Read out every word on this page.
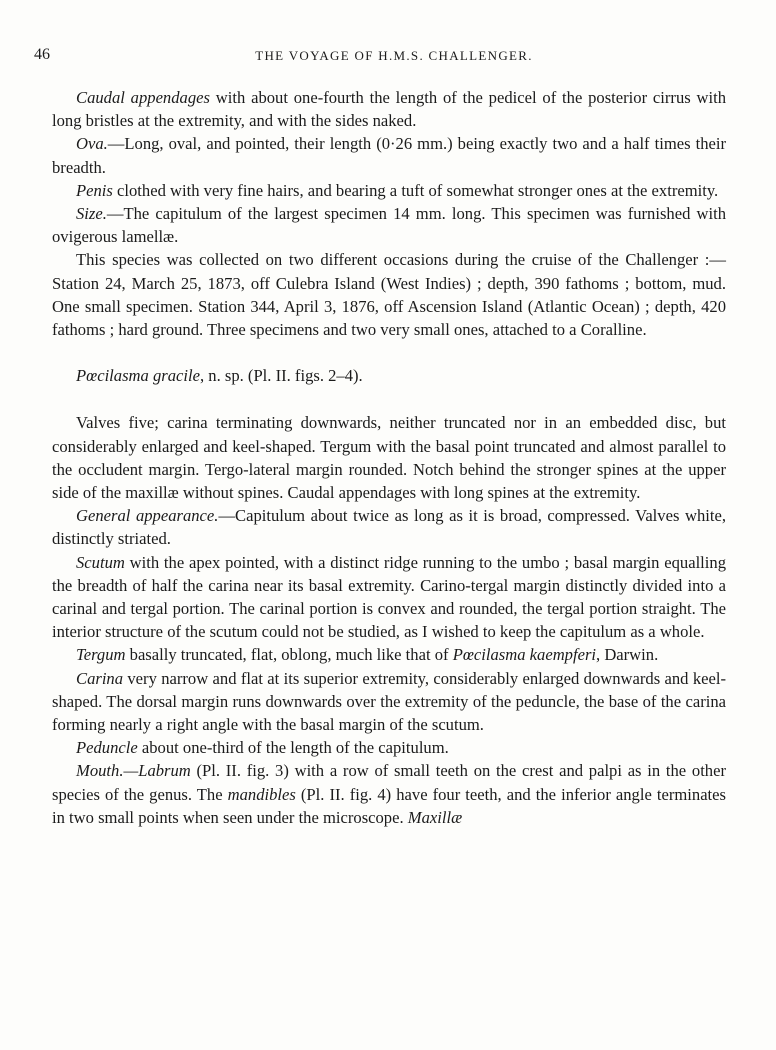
46	THE VOYAGE OF H.M.S. CHALLENGER.

Caudal appendages with about one-fourth the length of the pedicel of the posterior cirrus with long bristles at the extremity, and with the sides naked.

Ova.—Long, oval, and pointed, their length (0·26 mm.) being exactly two and a half times their breadth.

Penis clothed with very fine hairs, and bearing a tuft of somewhat stronger ones at the extremity.

Size.—The capitulum of the largest specimen 14 mm. long. This specimen was furnished with ovigerous lamellæ.

This species was collected on two different occasions during the cruise of the Challenger :—Station 24, March 25, 1873, off Culebra Island (West Indies) ; depth, 390 fathoms ; bottom, mud. One small specimen. Station 344, April 3, 1876, off Ascension Island (Atlantic Ocean) ; depth, 420 fathoms ; hard ground. Three specimens and two very small ones, attached to a Coralline.

Pœcilasma gracile, n. sp. (Pl. II. figs. 2–4).

Valves five; carina terminating downwards, neither truncated nor in an embedded disc, but considerably enlarged and keel-shaped. Tergum with the basal point truncated and almost parallel to the occludent margin. Tergo-lateral margin rounded. Notch behind the stronger spines at the upper side of the maxillæ without spines. Caudal appendages with long spines at the extremity.

General appearance.—Capitulum about twice as long as it is broad, compressed. Valves white, distinctly striated.

Scutum with the apex pointed, with a distinct ridge running to the umbo ; basal margin equalling the breadth of half the carina near its basal extremity. Carino-tergal margin distinctly divided into a carinal and tergal portion. The carinal portion is convex and rounded, the tergal portion straight. The interior structure of the scutum could not be studied, as I wished to keep the capitulum as a whole.

Tergum basally truncated, flat, oblong, much like that of Pœcilasma kaempferi, Darwin.

Carina very narrow and flat at its superior extremity, considerably enlarged downwards and keel-shaped. The dorsal margin runs downwards over the extremity of the peduncle, the base of the carina forming nearly a right angle with the basal margin of the scutum.

Peduncle about one-third of the length of the capitulum.

Mouth.—Labrum (Pl. II. fig. 3) with a row of small teeth on the crest and palpi as in the other species of the genus. The mandibles (Pl. II. fig. 4) have four teeth, and the inferior angle terminates in two small points when seen under the microscope. Maxillæ
